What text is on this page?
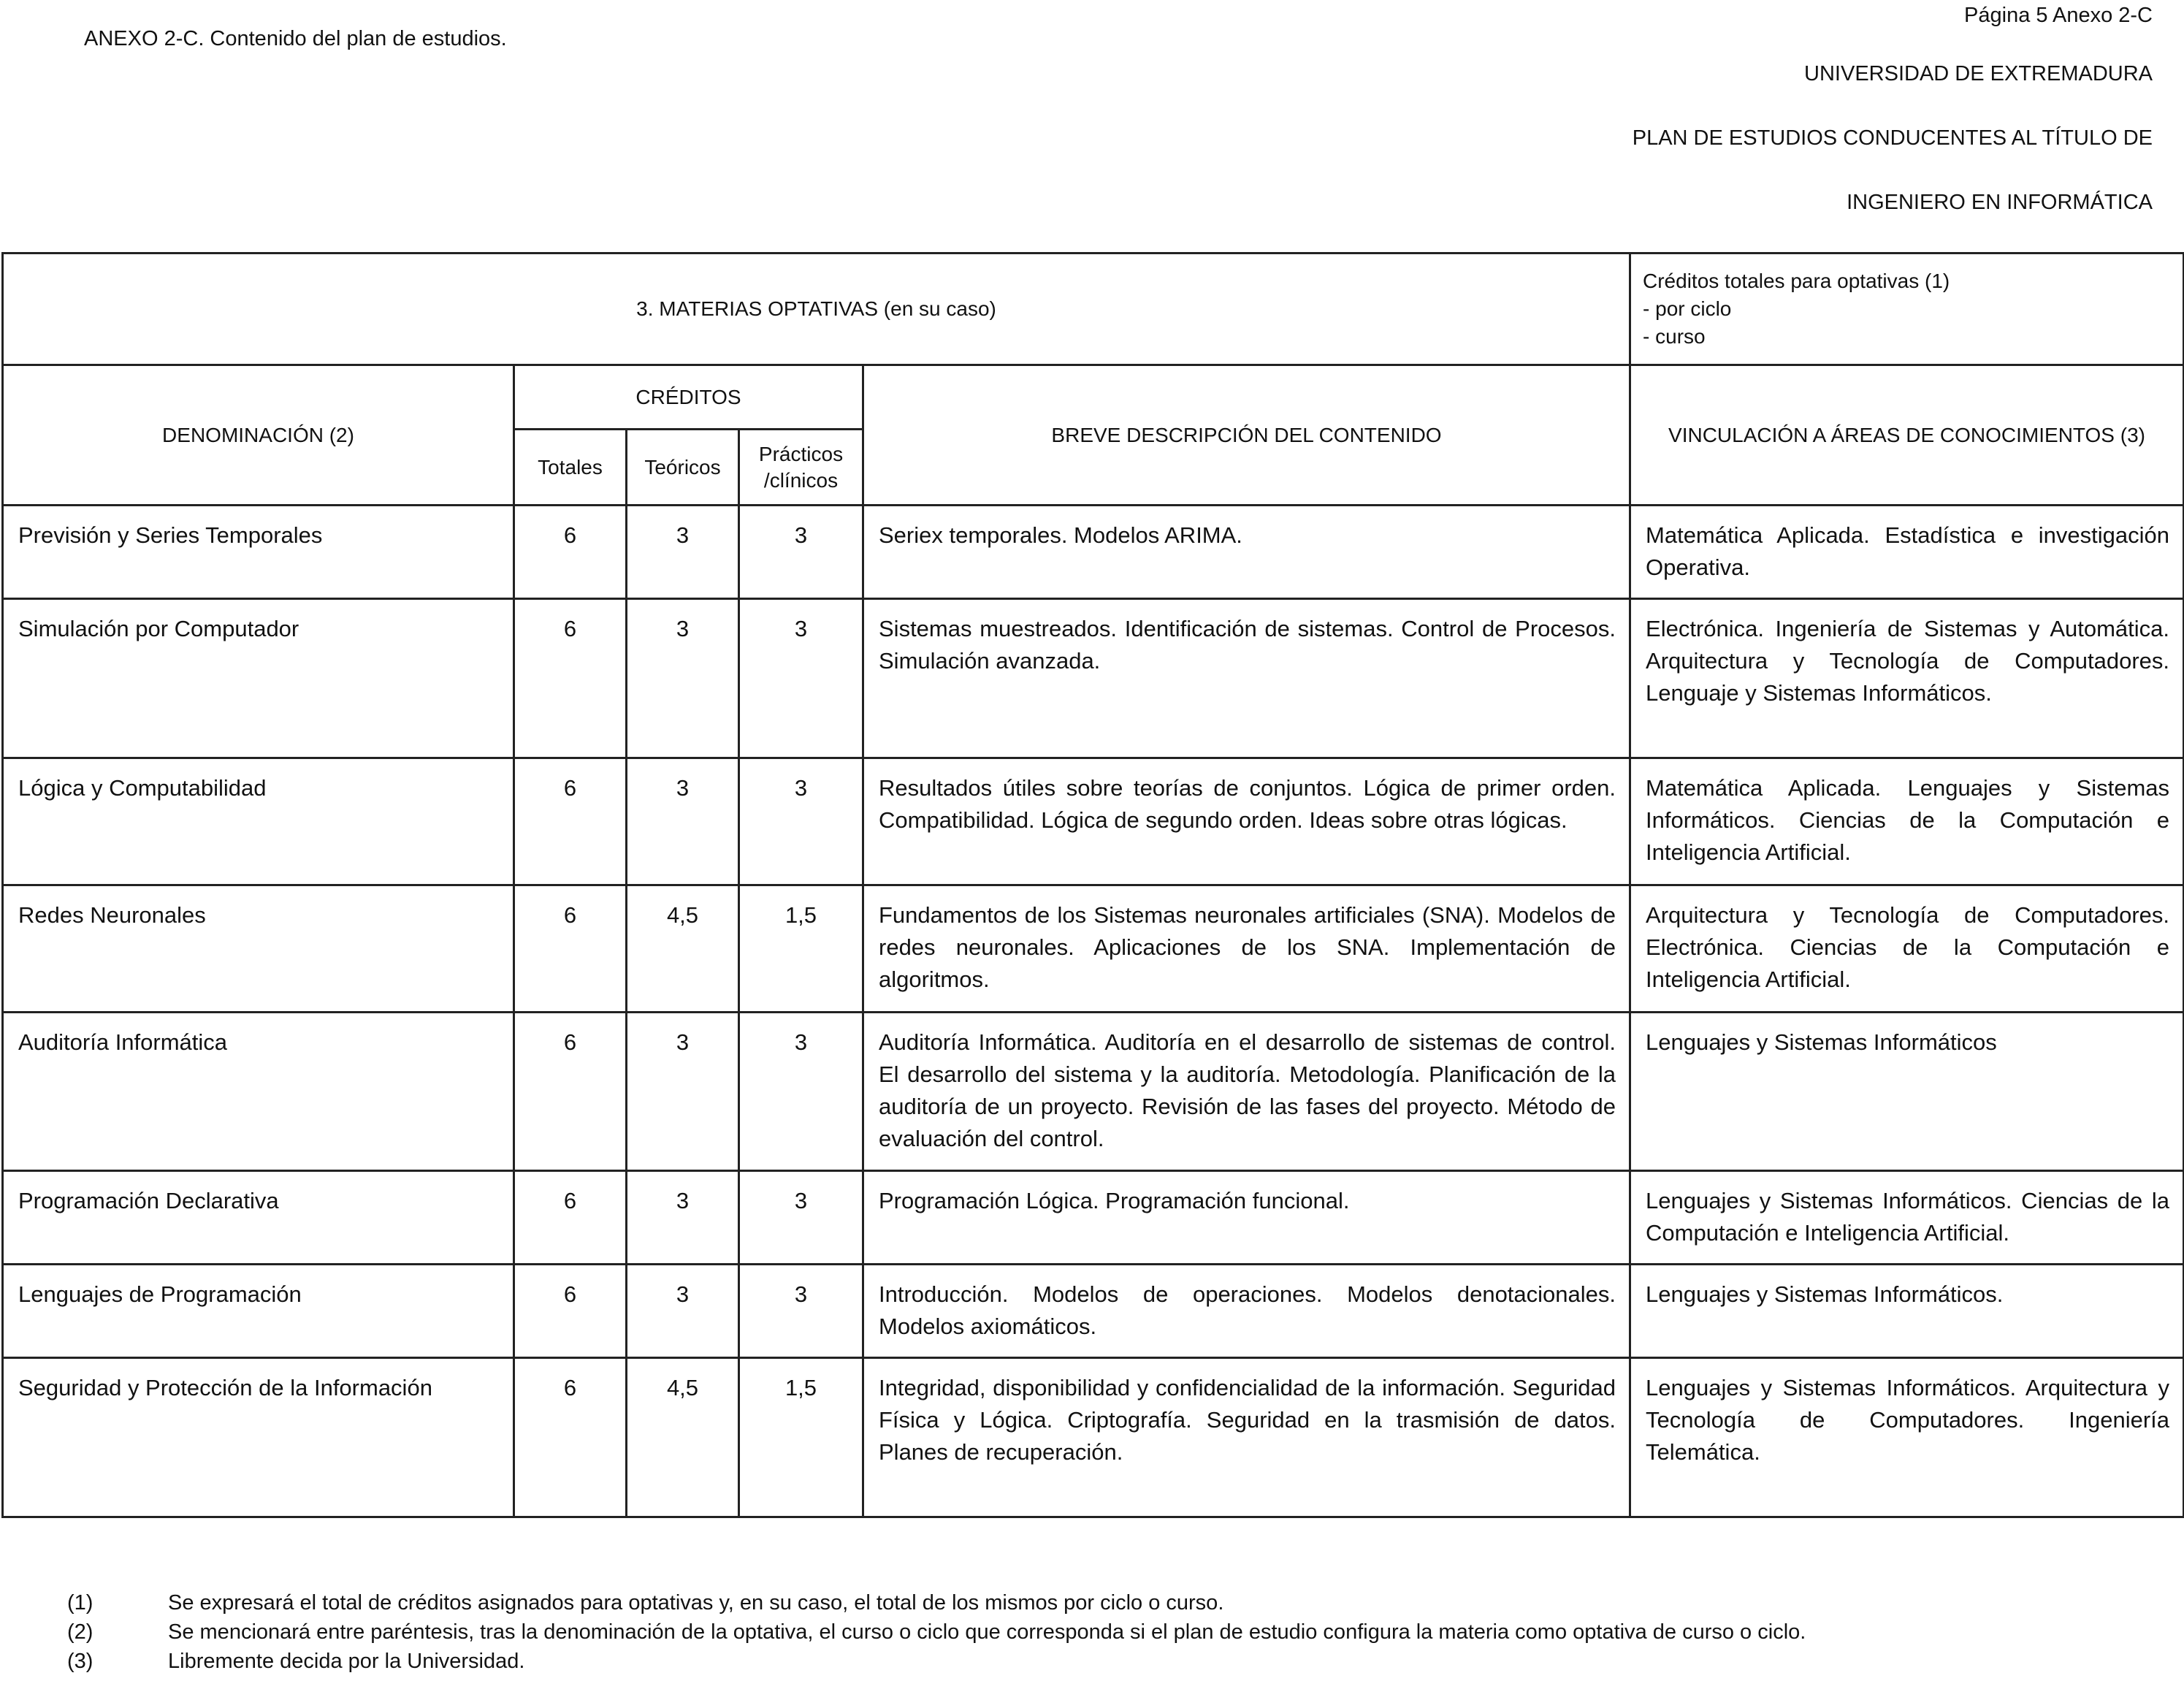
ANEXO 2-C. Contenido del plan de estudios.
Página 5 Anexo 2-C
UNIVERSIDAD DE EXTREMADURA
PLAN DE ESTUDIOS CONDUCENTES AL TÍTULO DE
INGENIERO EN INFORMÁTICA
3. MATERIAS OPTATIVAS (en su caso)					Créditos totales para optativas (1)
- por ciclo
- curso

DENOMINACIÓN (2)	CRÉDITOS			BREVE DESCRIPCIÓN DEL CONTENIDO	VINCULACIÓN A ÁREAS DE CONOCIMIENTOS (3)
	Totales	Teóricos	Prácticos
/clínicos		

Previsión y Series Temporales	6	3	3	Seriex temporales. Modelos ARIMA.	Matemática Aplicada. Estadística e investigación Operativa.
Simulación por Computador	6	3	3	Sistemas muestreados. Identificación de sistemas. Control de Procesos. Simulación avanzada.	Electrónica. Ingeniería de Sistemas y Automática. Arquitectura y Tecnología de Computadores. Lenguaje y Sistemas Informáticos.
Lógica y Computabilidad	6	3	3	Resultados útiles sobre teorías de conjuntos. Lógica de primer orden. Compatibilidad. Lógica de segundo orden. Ideas sobre otras lógicas.	Matemática Aplicada. Lenguajes y Sistemas Informáticos. Ciencias de la Computación e Inteligencia Artificial.
Redes Neuronales	6	4,5	1,5	Fundamentos de los Sistemas neuronales artificiales (SNA). Modelos de redes neuronales. Aplicaciones de los SNA. Implementación de algoritmos.	Arquitectura y Tecnología de Computadores. Electrónica. Ciencias de la Computación e Inteligencia Artificial.
Auditoría Informática	6	3	3	Auditoría Informática. Auditoría en el desarrollo de sistemas de control. El desarrollo del sistema y la auditoría. Metodología. Planificación de la auditoría de un proyecto. Revisión de las fases del proyecto. Método de evaluación del control.	Lenguajes y Sistemas Informáticos
Programación Declarativa	6	3	3	Programación Lógica. Programación funcional.	Lenguajes y Sistemas Informáticos. Ciencias de la Computación e Inteligencia Artificial.
Lenguajes de Programación	6	3	3	Introducción. Modelos de operaciones. Modelos denotacionales. Modelos axiomáticos.	Lenguajes y Sistemas Informáticos.
Seguridad y Protección de la Información	6	4,5	1,5	Integridad, disponibilidad y confidencialidad de la información. Seguridad Física y Lógica. Criptografía. Seguridad en la trasmisión de datos. Planes de recuperación.	Lenguajes y Sistemas Informáticos. Arquitectura y Tecnología de Computadores. Ingeniería Telemática.
(1)	Se expresará el total de créditos asignados para optativas y, en su caso, el total de los mismos por ciclo o curso.
(2)	Se mencionará entre paréntesis, tras la denominación de la optativa, el curso o ciclo que corresponda si el plan de estudio configura la materia como optativa de curso o ciclo.
(3)	Libremente decida por la Universidad.
